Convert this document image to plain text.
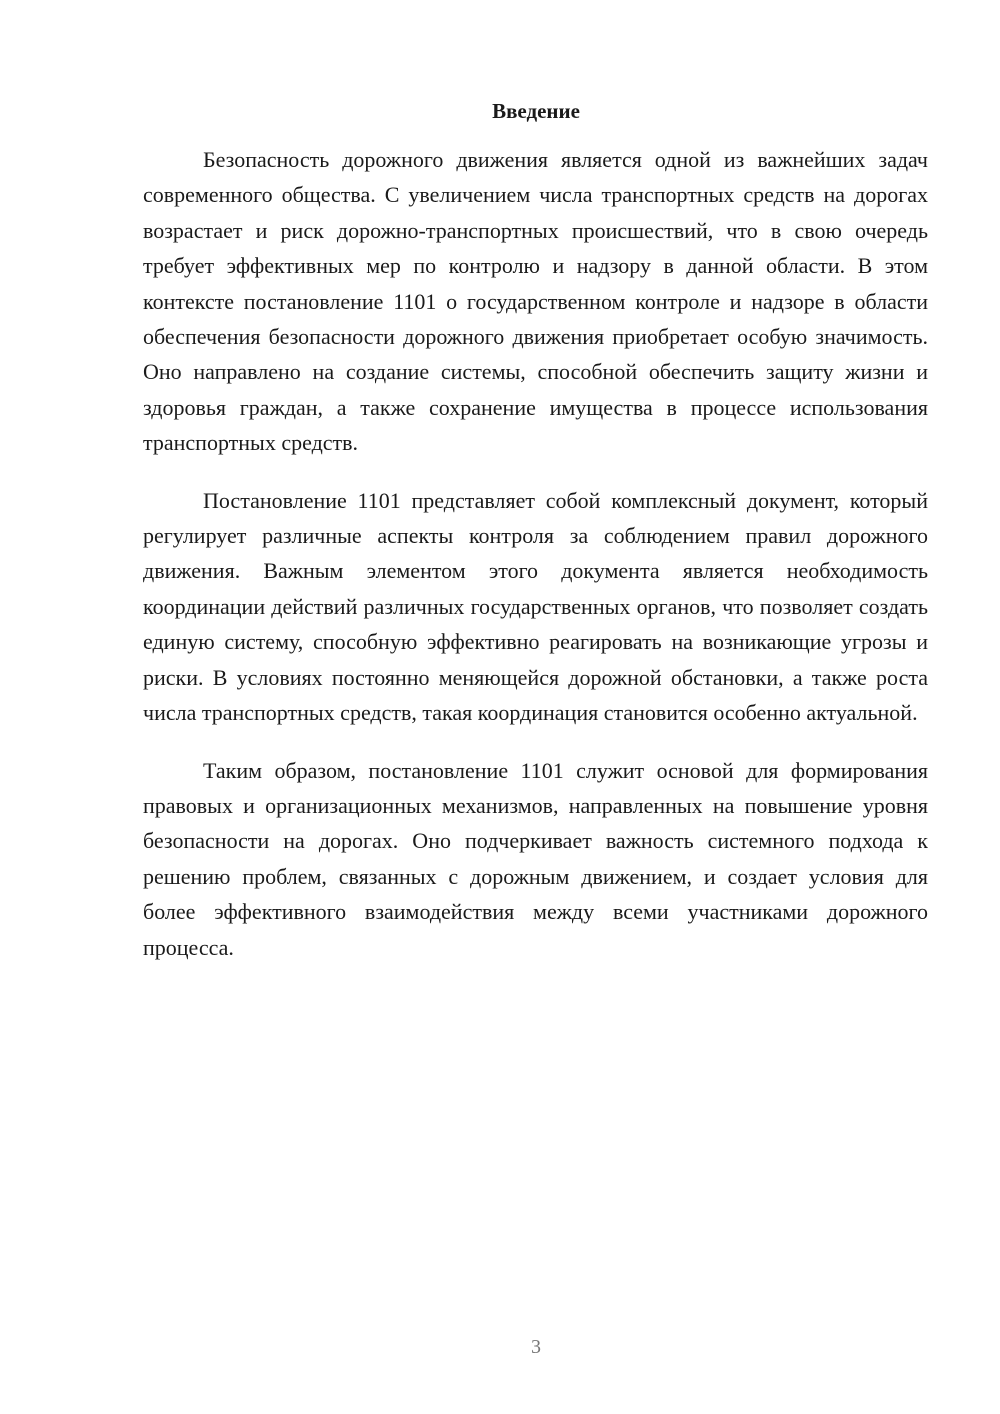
Введение

Безопасность дорожного движения является одной из важнейших задач современного общества. С увеличением числа транспортных средств на дорогах возрастает и риск дорожно-транспортных происшествий, что в свою очередь требует эффективных мер по контролю и надзору в данной области. В этом контексте постановление 1101 о государственном контроле и надзоре в области обеспечения безопасности дорожного движения приобретает особую значимость. Оно направлено на создание системы, способной обеспечить защиту жизни и здоровья граждан, а также сохранение имущества в процессе использования транспортных средств.

Постановление 1101 представляет собой комплексный документ, который регулирует различные аспекты контроля за соблюдением правил дорожного движения. Важным элементом этого документа является необходимость координации действий различных государственных органов, что позволяет создать единую систему, способную эффективно реагировать на возникающие угрозы и риски. В условиях постоянно меняющейся дорожной обстановки, а также роста числа транспортных средств, такая координация становится особенно актуальной.

Таким образом, постановление 1101 служит основой для формирования правовых и организационных механизмов, направленных на повышение уровня безопасности на дорогах. Оно подчеркивает важность системного подхода к решению проблем, связанных с дорожным движением, и создает условия для более эффективного взаимодействия между всеми участниками дорожного процесса.

3
